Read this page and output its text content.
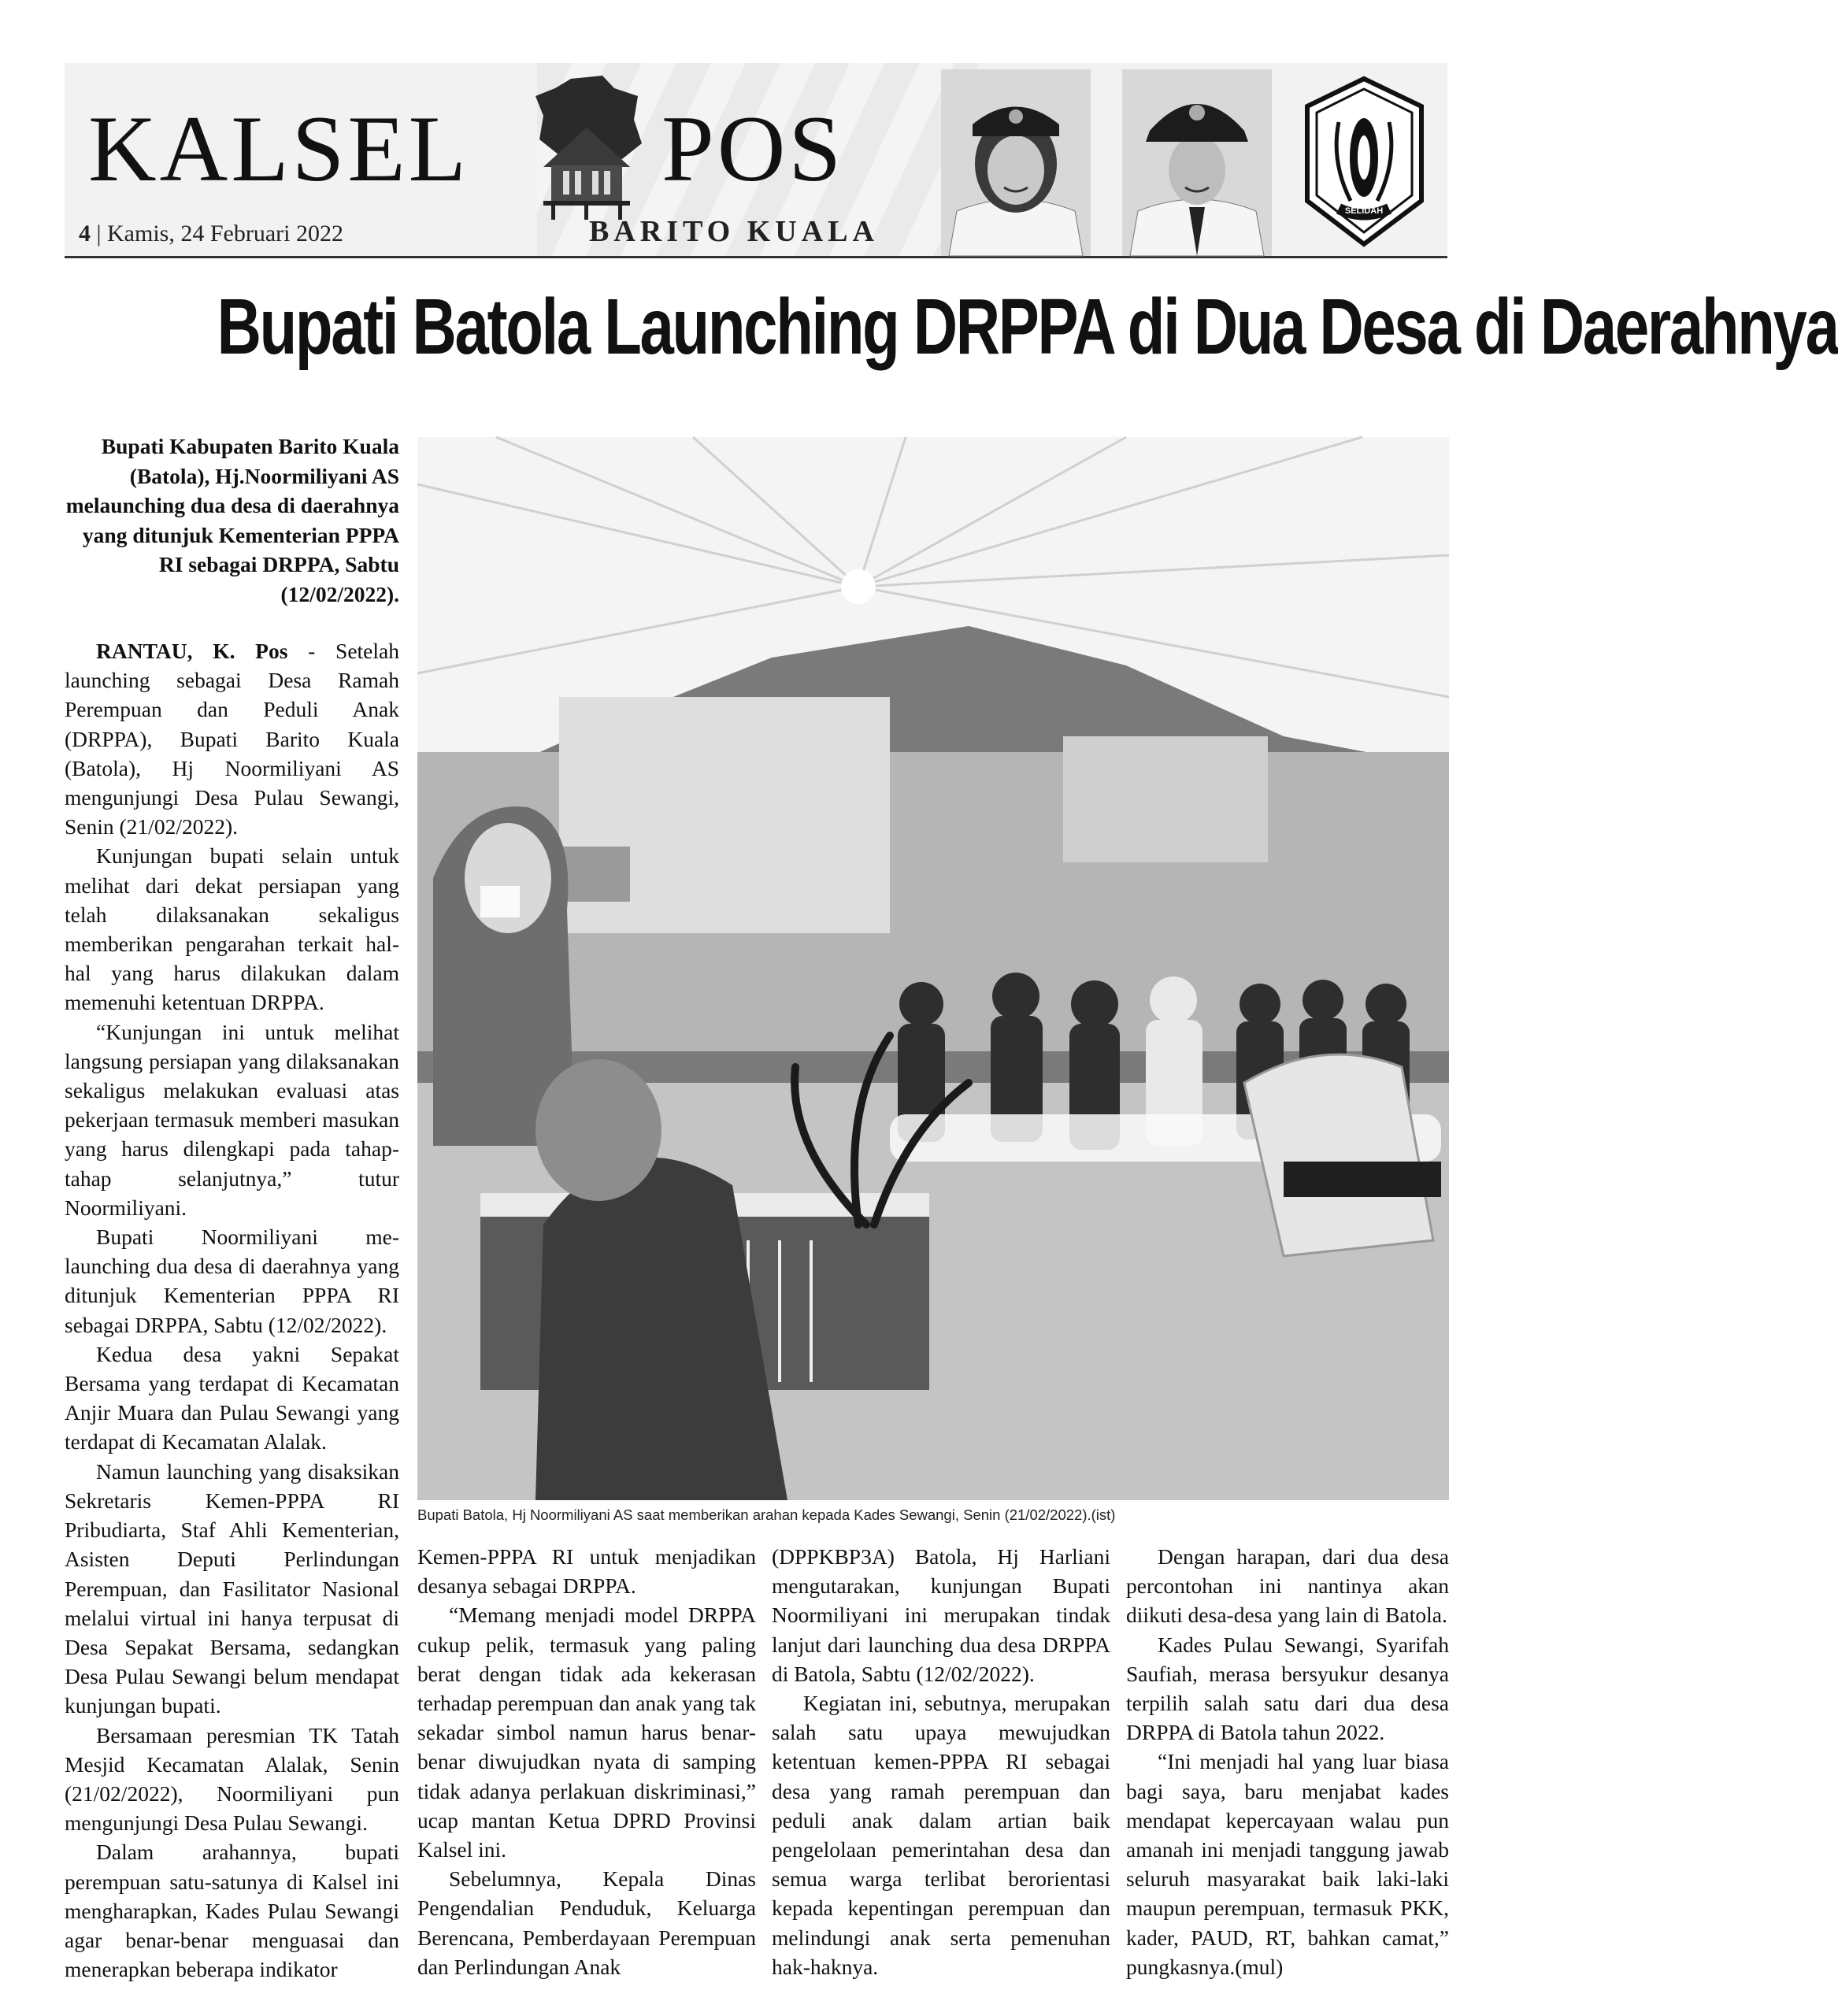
KALSEL POS
4 | Kamis, 24 Februari 2022	BARITO KUALA
SELIDAH
Bupati Batola Launching DRPPA di Dua Desa di Daerahnya
Bupati Kabupaten Barito Kuala (Batola), Hj.Noormiliyani AS melaunching dua desa di daerahnya yang ditunjuk Kementerian PPPA RI sebagai DRPPA, Sabtu (12/02/2022).

RANTAU, K. Pos - Setelah launching sebagai Desa Ramah Perempuan dan Peduli Anak (DRPPA), Bupati Barito Kuala (Batola), Hj Noormiliyani AS mengunjungi Desa Pulau Sewangi, Senin (21/02/2022).

Kunjungan bupati selain untuk melihat dari dekat persiapan yang telah dilaksanakan sekaligus memberikan pengarahan terkait hal-hal yang harus dilakukan dalam memenuhi ketentuan DRPPA.

“Kunjungan ini untuk melihat langsung persiapan yang dilaksanakan sekaligus melakukan evaluasi atas pekerjaan termasuk memberi masukan yang harus dilengkapi pada tahap-tahap selanjutnya,” tutur Noormiliyani.

Bupati Noormiliyani me-launching dua desa di daerahnya yang ditunjuk Kementerian PPPA RI sebagai DRPPA, Sabtu (12/02/2022).

Kedua desa yakni Sepakat Bersama yang terdapat di Kecamatan Anjir Muara dan Pulau Sewangi yang terdapat di Kecamatan Alalak.

Namun launching yang disaksikan Sekretaris Kemen-PPPA RI Pribudiarta, Staf Ahli Kementerian, Asisten Deputi Perlindungan Perempuan, dan Fasilitator Nasional melalui virtual ini hanya terpusat di Desa Sepakat Bersama, sedangkan Desa Pulau Sewangi belum mendapat kunjungan bupati.

Bersamaan peresmian TK Tatah Mesjid Kecamatan Alalak, Senin (21/02/2022), Noormiliyani pun mengunjungi Desa Pulau Sewangi.

Dalam arahannya, bupati perempuan satu-satunya di Kalsel ini mengharapkan, Kades Pulau Sewangi agar benar-benar menguasai dan menerapkan beberapa indikator

Bupati Batola, Hj Noormiliyani AS saat memberikan arahan kepada Kades Sewangi, Senin (21/02/2022).(ist)

Kemen-PPPA RI untuk menjadikan desanya sebagai DRPPA.

“Memang menjadi model DRPPA cukup pelik, termasuk yang paling berat dengan tidak ada kekerasan terhadap perempuan dan anak yang tak sekadar simbol namun harus benar-benar diwujudkan nyata di samping tidak adanya perlakuan diskriminasi,” ucap mantan Ketua DPRD Provinsi Kalsel ini.

Sebelumnya, Kepala Dinas Pengendalian Penduduk, Keluarga Berencana, Pemberdayaan Perempuan dan Perlindungan Anak

(DPPKBP3A) Batola, Hj Harliani mengutarakan, kunjungan Bupati Noormiliyani ini merupakan tindak lanjut dari launching dua desa DRPPA di Batola, Sabtu (12/02/2022).

Kegiatan ini, sebutnya, merupakan salah satu upaya mewujudkan ketentuan kemen-PPPA RI sebagai desa yang ramah perempuan dan peduli anak dalam artian baik pengelolaan pemerintahan desa dan semua warga terlibat berorientasi kepada kepentingan perempuan dan melindungi anak serta pemenuhan hak-haknya.

Dengan harapan, dari dua desa percontohan ini nantinya akan diikuti desa-desa yang lain di Batola.

Kades Pulau Sewangi, Syarifah Saufiah, merasa bersyukur desanya terpilih salah satu dari dua desa DRPPA di Batola tahun 2022.

“Ini menjadi hal yang luar biasa bagi saya, baru menjabat kades mendapat kepercayaan walau pun amanah ini menjadi tanggung jawab seluruh masyarakat baik laki-laki maupun perempuan, termasuk PKK, kader, PAUD, RT, bahkan camat,” pungkasnya.(mul)
